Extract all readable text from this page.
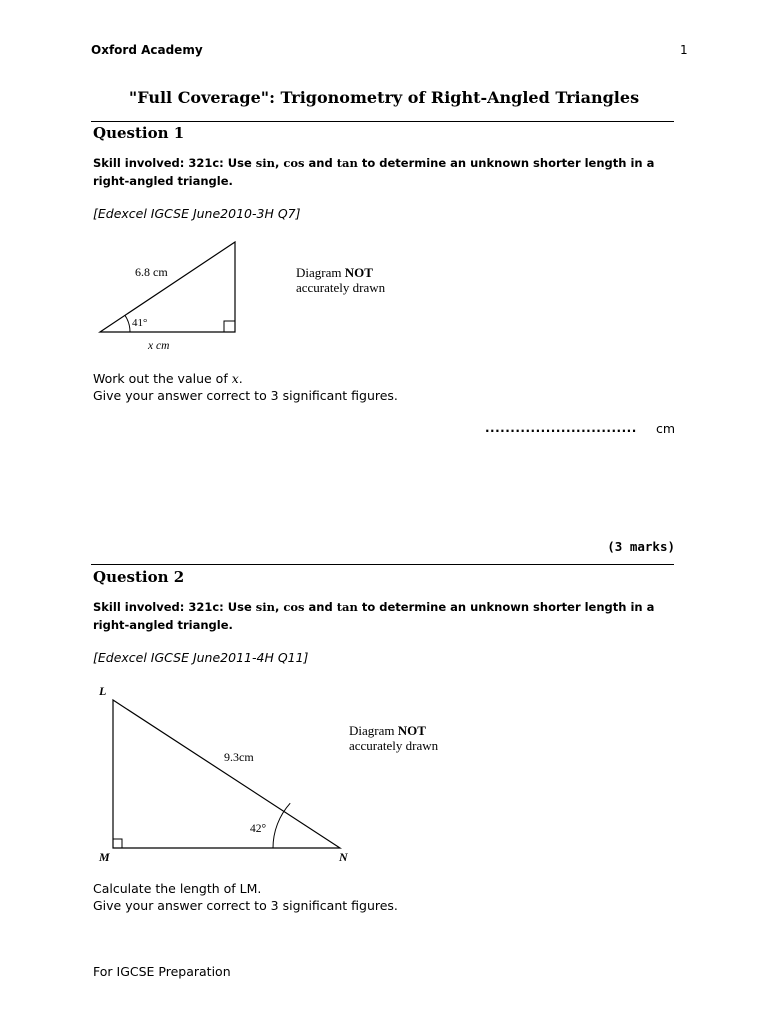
Oxford Academy	1
"Full Coverage": Trigonometry of Right-Angled Triangles
Question 1
Skill involved: 321c: Use sin, cos and tan to determine an unknown shorter length in a right-angled triangle.
[Edexcel IGCSE June2010-3H Q7]
6.8 cm
41°
x cm
Diagram NOT
accurately drawn
Work out the value of x.
Give your answer correct to 3 significant figures.
.............................. cm
(3 marks)
Question 2
Skill involved: 321c: Use sin, cos and tan to determine an unknown shorter length in a right-angled triangle.
[Edexcel IGCSE June2011-4H Q11]
L
M	N
9.3cm
42°
Diagram NOT
accurately drawn
Calculate the length of LM.
Give your answer correct to 3 significant figures.
For IGCSE Preparation
